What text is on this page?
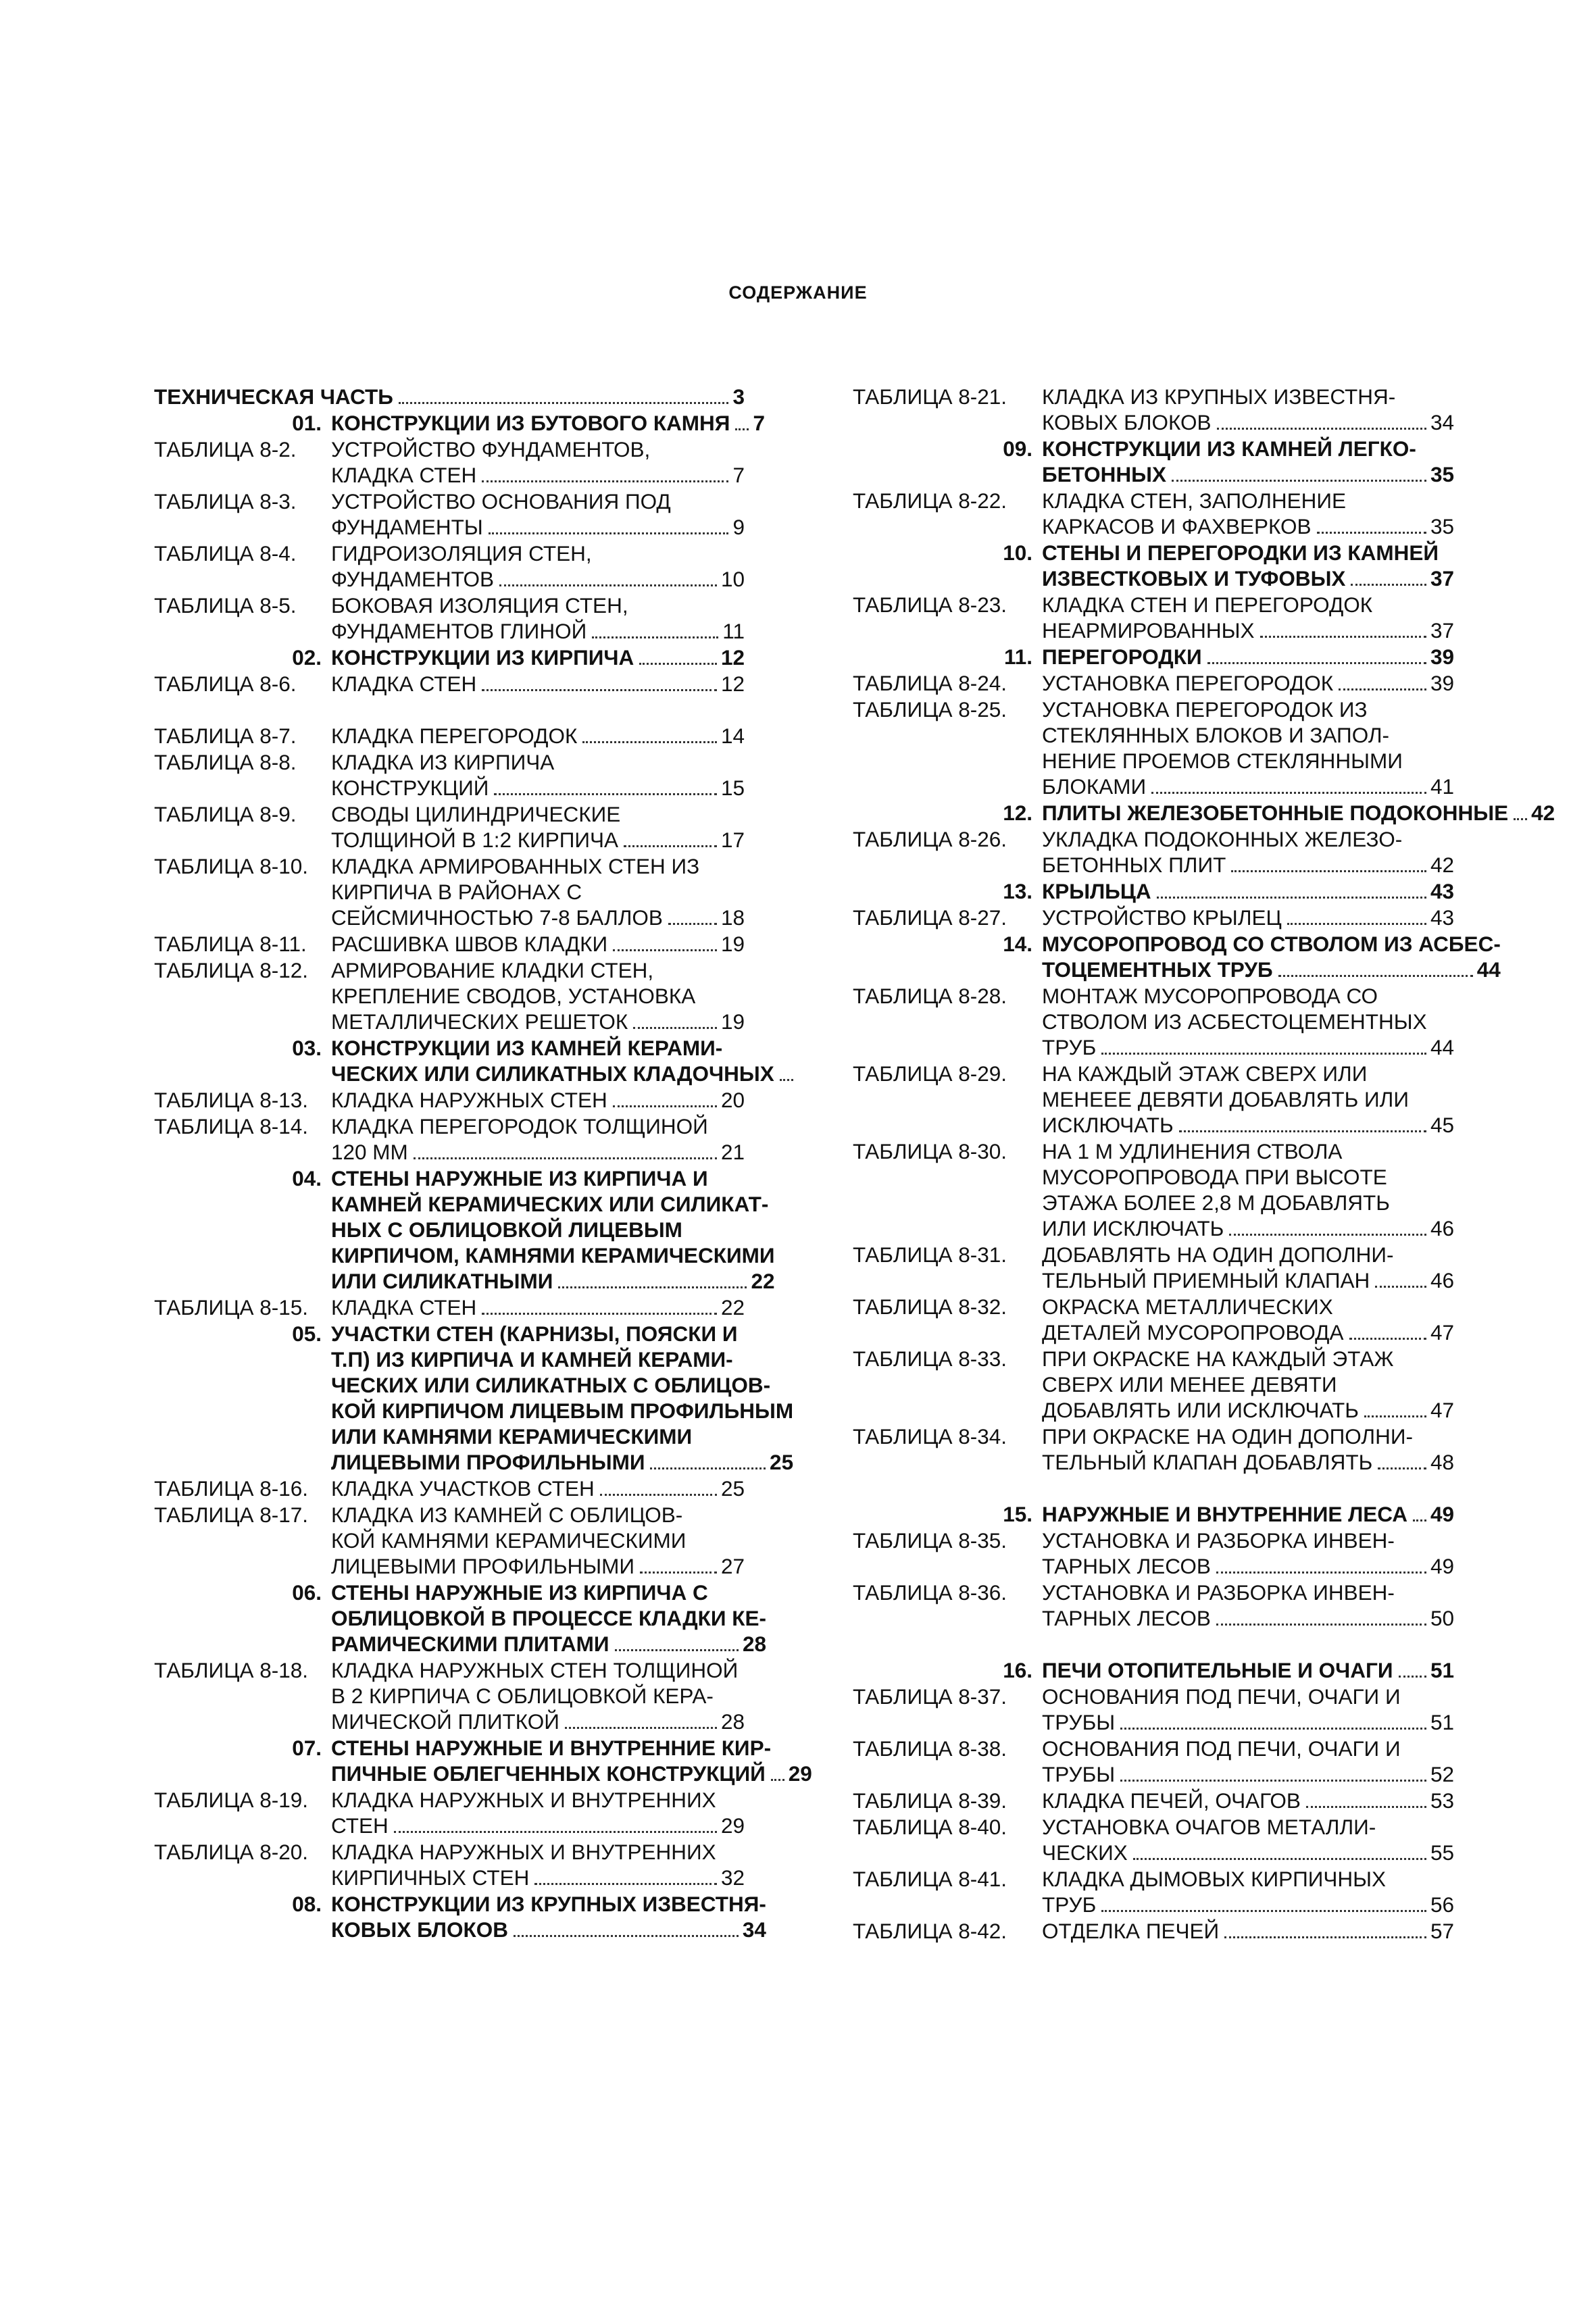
СОДЕРЖАНИЕ
ТЕХНИЧЕСКАЯ ЧАСТЬ	3
01. КОНСТРУКЦИИ ИЗ БУТОВОГО КАМНЯ 7
ТАБЛИЦА 8-2.	УСТРОЙСТВО ФУНДАМЕНТОВ,
КЛАДКА СТЕН	7
ТАБЛИЦА 8-3.	УСТРОЙСТВО ОСНОВАНИЯ ПОД
ФУНДАМЕНТЫ	9
ТАБЛИЦА 8-4.	ГИДРОИЗОЛЯЦИЯ СТЕН,
ФУНДАМЕНТОВ	10
ТАБЛИЦА 8-5.	БОКОВАЯ ИЗОЛЯЦИЯ СТЕН,
ФУНДАМЕНТОВ ГЛИНОЙ	11
02. КОНСТРУКЦИИ ИЗ КИРПИЧА	12
ТАБЛИЦА 8-6.	КЛАДКА СТЕН	12
ТАБЛИЦА 8-7.	КЛАДКА ПЕРЕГОРОДОК	14
ТАБЛИЦА 8-8.	КЛАДКА ИЗ КИРПИЧА
КОНСТРУКЦИЙ	15
ТАБЛИЦА 8-9.	СВОДЫ ЦИЛИНДРИЧЕСКИЕ
ТОЛЩИНОЙ В 1:2 КИРПИЧА	17
ТАБЛИЦА 8-10.	КЛАДКА АРМИРОВАННЫХ СТЕН ИЗ
КИРПИЧА В РАЙОНАХ С
СЕЙСМИЧНОСТЬЮ 7-8 БАЛЛОВ	18
ТАБЛИЦА 8-11.	РАСШИВКА ШВОВ КЛАДКИ	19
ТАБЛИЦА 8-12.	АРМИРОВАНИЕ КЛАДКИ СТЕН,
КРЕПЛЕНИЕ СВОДОВ, УСТАНОВКА
МЕТАЛЛИЧЕСКИХ РЕШЕТОК	19
03. КОНСТРУКЦИИ ИЗ КАМНЕЙ КЕРАМИ-
ЧЕСКИХ ИЛИ СИЛИКАТНЫХ КЛАДОЧНЫХ
ТАБЛИЦА 8-13.	КЛАДКА НАРУЖНЫХ СТЕН	20
ТАБЛИЦА 8-14.	КЛАДКА ПЕРЕГОРОДОК ТОЛЩИНОЙ
120 ММ	21
04. СТЕНЫ НАРУЖНЫЕ ИЗ КИРПИЧА И
КАМНЕЙ КЕРАМИЧЕСКИХ ИЛИ СИЛИКАТ-
НЫХ С ОБЛИЦОВКОЙ ЛИЦЕВЫМ
КИРПИЧОМ, КАМНЯМИ КЕРАМИЧЕСКИМИ
ИЛИ СИЛИКАТНЫМИ	22
ТАБЛИЦА 8-15.	КЛАДКА СТЕН	22
05. УЧАСТКИ СТЕН (КАРНИЗЫ, ПОЯСКИ И
Т.П) ИЗ КИРПИЧА И КАМНЕЙ КЕРАМИ-
ЧЕСКИХ ИЛИ СИЛИКАТНЫХ С ОБЛИЦОВ-
КОЙ КИРПИЧОМ ЛИЦЕВЫМ ПРОФИЛЬНЫМ
ИЛИ КАМНЯМИ КЕРАМИЧЕСКИМИ
ЛИЦЕВЫМИ ПРОФИЛЬНЫМИ	25
ТАБЛИЦА 8-16.	КЛАДКА УЧАСТКОВ СТЕН	25
ТАБЛИЦА 8-17.	КЛАДКА ИЗ КАМНЕЙ С ОБЛИЦОВ-
КОЙ КАМНЯМИ КЕРАМИЧЕСКИМИ
ЛИЦЕВЫМИ ПРОФИЛЬНЫМИ	27
06. СТЕНЫ НАРУЖНЫЕ ИЗ КИРПИЧА С
ОБЛИЦОВКОЙ В ПРОЦЕССЕ КЛАДКИ КЕ-
РАМИЧЕСКИМИ ПЛИТАМИ	28
ТАБЛИЦА 8-18.	КЛАДКА НАРУЖНЫХ СТЕН ТОЛЩИНОЙ
В 2 КИРПИЧА С ОБЛИЦОВКОЙ КЕРА-
МИЧЕСКОЙ ПЛИТКОЙ	28
07. СТЕНЫ НАРУЖНЫЕ И ВНУТРЕННИЕ КИР-
ПИЧНЫЕ ОБЛЕГЧЕННЫХ КОНСТРУКЦИЙ 29
ТАБЛИЦА 8-19.	КЛАДКА НАРУЖНЫХ И ВНУТРЕННИХ
СТЕН	29
ТАБЛИЦА 8-20.	КЛАДКА НАРУЖНЫХ И ВНУТРЕННИХ
КИРПИЧНЫХ СТЕН	32
08. КОНСТРУКЦИИ ИЗ КРУПНЫХ ИЗВЕСТНЯ-
КОВЫХ БЛОКОВ	34
ТАБЛИЦА 8-21.	КЛАДКА ИЗ КРУПНЫХ ИЗВЕСТНЯ-
КОВЫХ БЛОКОВ	34
09. КОНСТРУКЦИИ ИЗ КАМНЕЙ ЛЕГКО-
БЕТОННЫХ	35
ТАБЛИЦА 8-22.	КЛАДКА СТЕН, ЗАПОЛНЕНИЕ
КАРКАСОВ И ФАХВЕРКОВ	35
10. СТЕНЫ И ПЕРЕГОРОДКИ ИЗ КАМНЕЙ
ИЗВЕСТКОВЫХ И ТУФОВЫХ	37
ТАБЛИЦА 8-23.	КЛАДКА СТЕН И ПЕРЕГОРОДОК
НЕАРМИРОВАННЫХ	37
11. ПЕРЕГОРОДКИ	39
ТАБЛИЦА 8-24.	УСТАНОВКА ПЕРЕГОРОДОК	39
ТАБЛИЦА 8-25.	УСТАНОВКА ПЕРЕГОРОДОК ИЗ
СТЕКЛЯННЫХ БЛОКОВ И ЗАПОЛ-
НЕНИЕ ПРОЕМОВ СТЕКЛЯННЫМИ
БЛОКАМИ	41
12. ПЛИТЫ ЖЕЛЕЗОБЕТОННЫЕ ПОДОКОННЫЕ 42
ТАБЛИЦА 8-26.	УКЛАДКА ПОДОКОННЫХ ЖЕЛЕЗО-
БЕТОННЫХ ПЛИТ	42
13. КРЫЛЬЦА	43
ТАБЛИЦА 8-27.	УСТРОЙСТВО КРЫЛЕЦ	43
14. МУСОРОПРОВОД СО СТВОЛОМ ИЗ АСБЕС-
ТОЦЕМЕНТНЫХ ТРУБ	44
ТАБЛИЦА 8-28.	МОНТАЖ МУСОРОПРОВОДА СО
СТВОЛОМ ИЗ АСБЕСТОЦЕМЕНТНЫХ
ТРУБ	44
ТАБЛИЦА 8-29.	НА КАЖДЫЙ ЭТАЖ СВЕРХ ИЛИ
МЕНЕЕЕ ДЕВЯТИ ДОБАВЛЯТЬ ИЛИ
ИСКЛЮЧАТЬ	45
ТАБЛИЦА 8-30.	НА 1 М УДЛИНЕНИЯ СТВОЛА
МУСОРОПРОВОДА ПРИ ВЫСОТЕ
ЭТАЖА БОЛЕЕ 2,8 М ДОБАВЛЯТЬ
ИЛИ ИСКЛЮЧАТЬ	46
ТАБЛИЦА 8-31.	ДОБАВЛЯТЬ НА ОДИН ДОПОЛНИ-
ТЕЛЬНЫЙ ПРИЕМНЫЙ КЛАПАН	46
ТАБЛИЦА 8-32.	ОКРАСКА МЕТАЛЛИЧЕСКИХ
ДЕТАЛЕЙ МУСОРОПРОВОДА	47
ТАБЛИЦА 8-33.	ПРИ ОКРАСКЕ НА КАЖДЫЙ ЭТАЖ
СВЕРХ ИЛИ МЕНЕЕ ДЕВЯТИ
ДОБАВЛЯТЬ ИЛИ ИСКЛЮЧАТЬ	47
ТАБЛИЦА 8-34.	ПРИ ОКРАСКЕ НА ОДИН ДОПОЛНИ-
ТЕЛЬНЫЙ КЛАПАН ДОБАВЛЯТЬ	48
15. НАРУЖНЫЕ И ВНУТРЕННИЕ ЛЕСА 49
ТАБЛИЦА 8-35.	УСТАНОВКА И РАЗБОРКА ИНВЕН-
ТАРНЫХ ЛЕСОВ	49
ТАБЛИЦА 8-36.	УСТАНОВКА И РАЗБОРКА ИНВЕН-
ТАРНЫХ ЛЕСОВ	50
16. ПЕЧИ ОТОПИТЕЛЬНЫЕ И ОЧАГИ 51
ТАБЛИЦА 8-37.	ОСНОВАНИЯ ПОД ПЕЧИ, ОЧАГИ И
ТРУБЫ	51
ТАБЛИЦА 8-38.	ОСНОВАНИЯ ПОД ПЕЧИ, ОЧАГИ И
ТРУБЫ	52
ТАБЛИЦА 8-39.	КЛАДКА ПЕЧЕЙ, ОЧАГОВ	53
ТАБЛИЦА 8-40.	УСТАНОВКА ОЧАГОВ МЕТАЛЛИ-
ЧЕСКИХ	55
ТАБЛИЦА 8-41.	КЛАДКА ДЫМОВЫХ КИРПИЧНЫХ
ТРУБ	56
ТАБЛИЦА 8-42.	ОТДЕЛКА ПЕЧЕЙ	57
